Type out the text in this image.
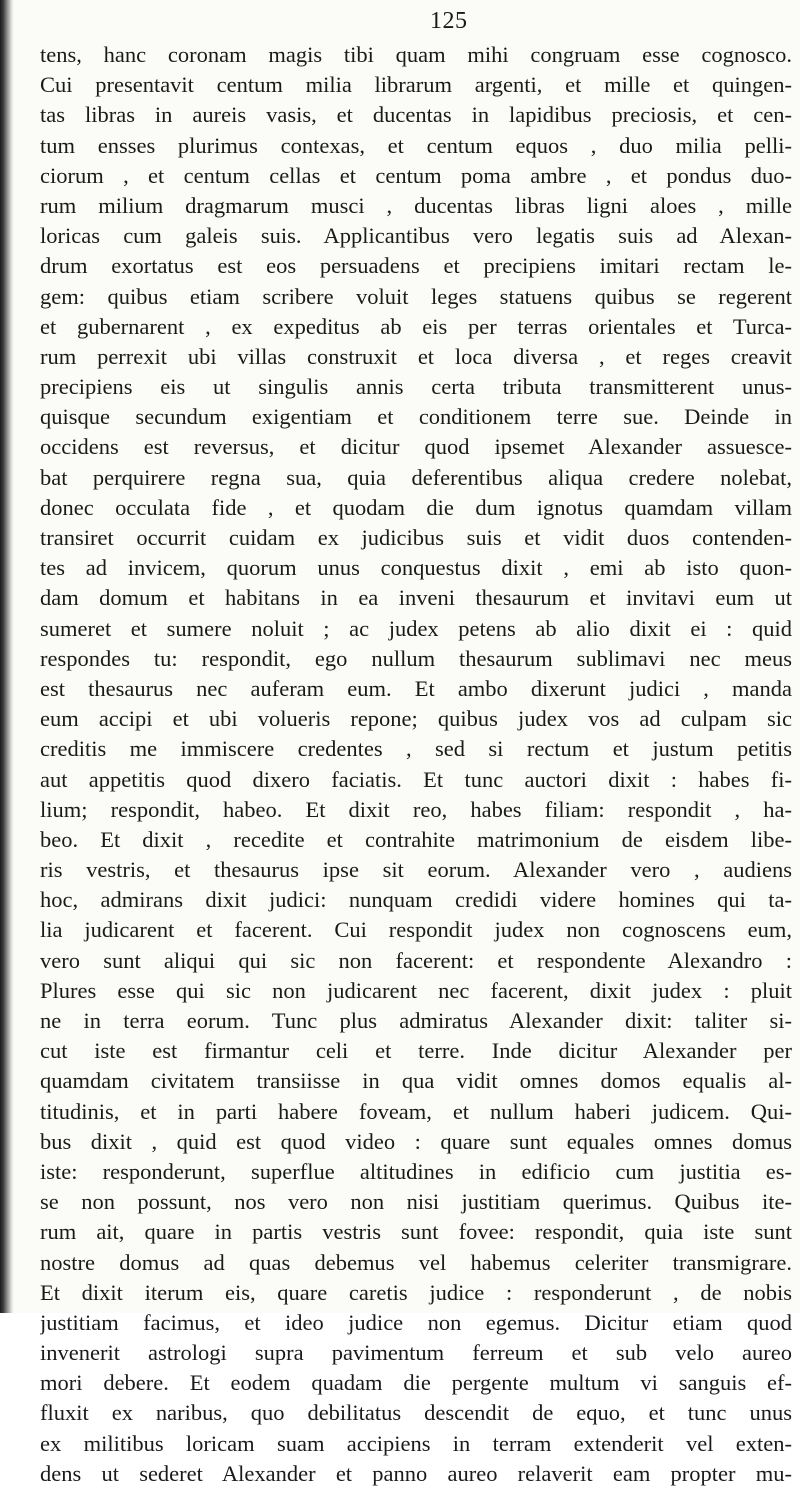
125
tens, hanc coronam magis tibi quam mihi congruam esse cognosco.
Cui presentavit centum milia librarum argenti, et mille et quingen-
tas libras in aureis vasis, et ducentas in lapidibus preciosis, et cen-
tum ensses plurimus contexas, et centum equos , duo milia pelli-
ciorum , et centum cellas et centum poma ambre , et pondus duo-
rum milium dragmarum musci , ducentas libras ligni aloes , mille
loricas cum galeis suis. Applicantibus vero legatis suis ad Alexan-
drum exortatus est eos persuadens et precipiens imitari rectam le-
gem: quibus etiam scribere voluit leges statuens quibus se regerent
et gubernarent , ex expeditus ab eis per terras orientales et Turca-
rum perrexit ubi villas construxit et loca diversa , et reges creavit
precipiens eis ut singulis annis certa tributa transmitterent unus-
quisque secundum exigentiam et conditionem terre sue. Deinde in
occidens est reversus, et dicitur quod ipsemet Alexander assuesce-
bat perquirere regna sua, quia deferentibus aliqua credere nolebat,
donec occulata fide , et quodam die dum ignotus quamdam villam
transiret occurrit cuidam ex judicibus suis et vidit duos contenden-
tes ad invicem, quorum unus conquestus dixit , emi ab isto quon-
dam domum et habitans in ea inveni thesaurum et invitavi eum ut
sumeret et sumere noluit ; ac judex petens ab alio dixit ei : quid
respondes tu: respondit, ego nullum thesaurum sublimavi nec meus
est thesaurus nec auferam eum. Et ambo dixerunt judici , manda
eum accipi et ubi volueris repone; quibus judex vos ad culpam sic
creditis me immiscere credentes , sed si rectum et justum petitis
aut appetitis quod dixero faciatis. Et tunc auctori dixit : habes fi-
lium; respondit, habeo. Et dixit reo, habes filiam: respondit , ha-
beo. Et dixit , recedite et contrahite matrimonium de eisdem libe-
ris vestris, et thesaurus ipse sit eorum. Alexander vero , audiens
hoc, admirans dixit judici: nunquam credidi videre homines qui ta-
lia judicarent et facerent. Cui respondit judex non cognoscens eum,
vero sunt aliqui qui sic non facerent: et respondente Alexandro :
Plures esse qui sic non judicarent nec facerent, dixit judex : pluit
ne in terra eorum. Tunc plus admiratus Alexander dixit: taliter si-
cut iste est firmantur celi et terre. Inde dicitur Alexander per
quamdam civitatem transiisse in qua vidit omnes domos equalis al-
titudinis, et in parti habere foveam, et nullum haberi judicem. Qui-
bus dixit , quid est quod video : quare sunt equales omnes domus
iste: responderunt, superflue altitudines in edificio cum justitia es-
se non possunt, nos vero non nisi justitiam querimus. Quibus ite-
rum ait, quare in partis vestris sunt fovee: respondit, quia iste sunt
nostre domus ad quas debemus vel habemus celeriter transmigrare.
Et dixit iterum eis, quare caretis judice : responderunt , de nobis
justitiam facimus, et ideo judice non egemus. Dicitur etiam quod
invenerit astrologi supra pavimentum ferreum et sub velo aureo
mori debere. Et eodem quadam die pergente multum vi sanguis ef-
fluxit ex naribus, quo debilitatus descendit de equo, et tunc unus
ex militibus loricam suam accipiens in terram extenderit vel exten-
dens ut sederet Alexander et panno aureo relaverit eam propter mu-
